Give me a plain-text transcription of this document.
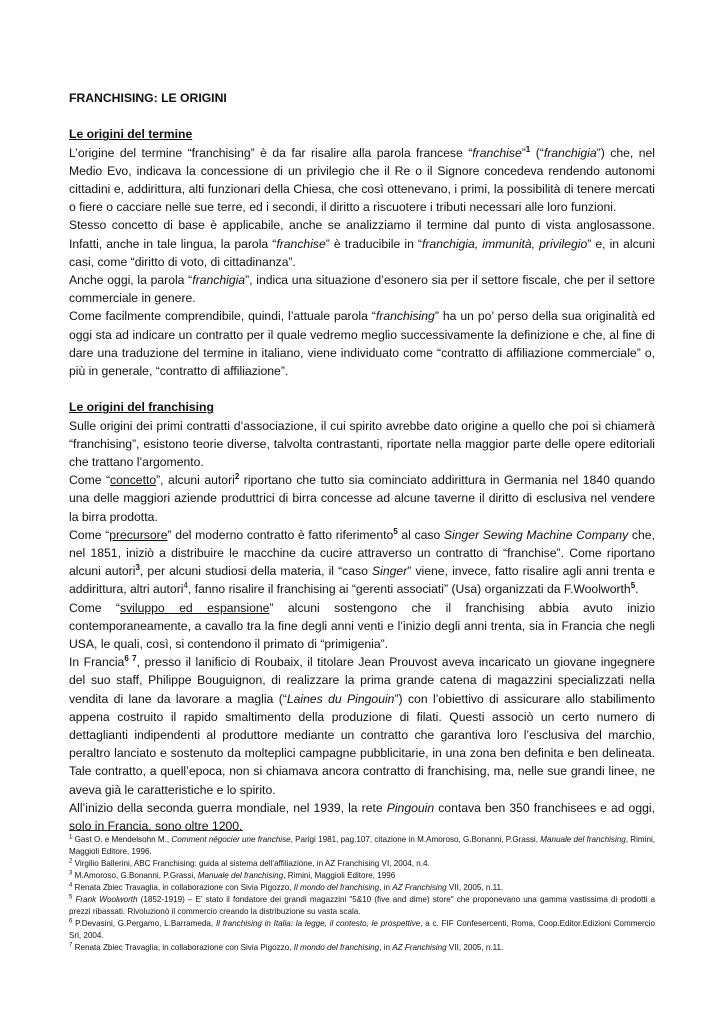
FRANCHISING: LE ORIGINI

Le origini del termine

L’origine del termine “franchising” è da far risalire alla parola francese “franchise”$^1$ (“franchigia”) che, nel Medio Evo, indicava la concessione di un privilegio che il Re o il Signore concedeva rendendo autonomi cittadini e, addirittura, alti funzionari della Chiesa, che così ottenevano, i primi, la possibilità di tenere mercati o fiere o cacciare nelle sue terre, ed i secondi, il diritto a riscuotere i tributi necessari alle loro funzioni.

Stesso concetto di base è applicabile, anche se analizziamo il termine dal punto di vista anglosassone. Infatti, anche in tale lingua, la parola “franchise” è traducibile in “franchigia, immunità, privilegio” e, in alcuni casi, come “diritto di voto, di cittadinanza”.

Anche oggi, la parola “franchigia”, indica una situazione d’esonero sia per il settore fiscale, che per il settore commerciale in genere.

Come facilmente comprendibile, quindi, l’attuale parola “franchising” ha un po’ perso della sua originalità ed oggi sta ad indicare un contratto per il quale vedremo meglio successivamente la definizione e che, al fine di dare una traduzione del termine in italiano, viene individuato come “contratto di affiliazione commerciale” o, più in generale, “contratto di affiliazione”.

Le origini del franchising

Sulle origini dei primi contratti d’associazione, il cui spirito avrebbe dato origine a quello che poi si chiamerà “franchising”, esistono teorie diverse, talvolta contrastanti, riportate nella maggior parte delle opere editoriali che trattano l’argomento.

Come “concetto”, alcuni autori$^2$ riportano che tutto sia cominciato addirittura in Germania nel 1840 quando una delle maggiori aziende produttrici di birra concesse ad alcune taverne il diritto di esclusiva nel vendere la birra prodotta.

Come “precursore” del moderno contratto è fatto riferimento$^5$ al caso Singer Sewing Machine Company che, nel 1851, iniziò a distribuire le macchine da cucire attraverso un contratto di “franchise”. Come riportano alcuni autori$^3$, per alcuni studiosi della materia, il “caso Singer” viene, invece, fatto risalire agli anni trenta e addirittura, altri autori$^4$, fanno risalire il franchising ai “gerenti associati” (Usa) organizzati da F.Woolworth$^5$.

Come “sviluppo ed espansione” alcuni sostengono che il franchising abbia avuto inizio contemporaneamente, a cavallo tra la fine degli anni venti e l’inizio degli anni trenta, sia in Francia che negli USA, le quali, così, si contendono il primato di “primigenia”.

In Francia$^{6 7}$, presso il lanificio di Roubaix, il titolare Jean Prouvost aveva incaricato un giovane ingegnere del suo staff, Philippe Bouguignon, di realizzare la prima grande catena di magazzini specializzati nella vendita di lane da lavorare a maglia (“Laines du Pingouin”) con l’obiettivo di assicurare allo stabilimento appena costruito il rapido smaltimento della produzione di filati. Questi associò un certo numero di dettaglianti indipendenti al produttore mediante un contratto che garantiva loro l’esclusiva del marchio, peraltro lanciato e sostenuto da molteplici campagne pubblicitarie, in una zona ben definita e ben delineata. Tale contratto, a quell’epoca, non si chiamava ancora contratto di franchising, ma, nelle sue grandi linee, ne aveva già le caratteristiche e lo spirito.

All’inizio della seconda guerra mondiale, nel 1939, la rete Pingouin contava ben 350 franchisees e ad oggi, solo in Francia, sono oltre 1200.

$^1$ Gast O. e Mendelsohn M., Comment négocier une franchise, Parigi 1981, pag.107, citazione in M.Amoroso, G.Bonanni, P.Grassi, Manuale del franchising, Rimini, Maggioli Editore, 1996.

$^2$ Virgilio Ballerini, ABC Franchising: guida al sistema dell’affiliazione, in AZ Franchising VI, 2004, n.4.

$^3$ M.Amoroso, G.Bonanni, P.Grassi, Manuale del franchising, Rimini, Maggioli Editore, 1996

$^4$ Renata Zbiec Travaglia, in collaborazione con Sivia Pigozzo, Il mondo del franchising, in AZ Franchising VII, 2005, n.11.

$^5$ Frank Woolworth (1852-1919) – E’ stato il fondatore dei grandi magazzini "5&10 (five and dime) store" che proponevano una gamma vastissima di prodotti a prezzi ribassati. Rivoluzionò il commercio creando la distribuzione su vasta scala.

$^6$ P.Devasini, G.Pergamo, L.Barrameda, Il franchising in Italia: la legge, il contesto, le prospettive, a c. FIF Confesercenti, Roma, Coop.Editor.Edizioni Commercio Srl, 2004.

$^7$ Renata Zbiec Travaglia, in collaborazione con Sivia Pigozzo, Il mondo del franchising, in AZ Franchising VII, 2005, n.11.
